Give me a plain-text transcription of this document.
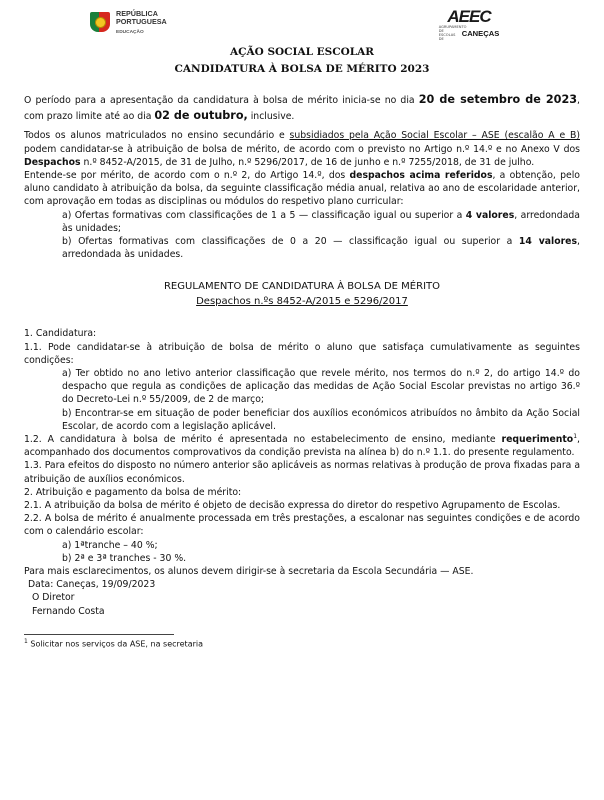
REPÚBLICA
PORTUGUESA
EDUCAÇÃO
AEEC
AGRUPAMENTO DE ESCOLAS DE
CANEÇAS
AÇÃO SOCIAL ESCOLAR
CANDIDATURA À BOLSA DE MÉRITO 2023

O período para a apresentação da candidatura à bolsa de mérito inicia-se no dia 20 de setembro de 2023, com prazo limite até ao dia 02 de outubro, inclusive.

Todos os alunos matriculados no ensino secundário e subsidiados pela Ação Social Escolar – ASE (escalão A e B) podem candidatar-se à atribuição de bolsa de mérito, de acordo com o previsto no Artigo n.º 14.º e no Anexo V dos Despachos n.º 8452-A/2015, de 31 de Julho, n.º 5296/2017, de 16 de junho e n.º 7255/2018, de 31 de julho.

Entende-se por mérito, de acordo com o n.º 2, do Artigo 14.º, dos despachos acima referidos, a obtenção, pelo aluno candidato à atribuição da bolsa, da seguinte classificação média anual, relativa ao ano de escolaridade anterior, com aprovação em todas as disciplinas ou módulos do respetivo plano curricular:

a) Ofertas formativas com classificações de 1 a 5 — classificação igual ou superior a 4 valores, arredondada às unidades;

b) Ofertas formativas com classificações de 0 a 20 — classificação igual ou superior a 14 valores, arredondada às unidades.

REGULAMENTO DE CANDIDATURA À BOLSA DE MÉRITO
Despachos n.ºs 8452-A/2015 e 5296/2017

1. Candidatura:

1.1. Pode candidatar-se à atribuição de bolsa de mérito o aluno que satisfaça cumulativamente as seguintes condições:

a) Ter obtido no ano letivo anterior classificação que revele mérito, nos termos do n.º 2, do artigo 14.º do despacho que regula as condições de aplicação das medidas de Ação Social Escolar previstas no artigo 36.º do Decreto-Lei n.º 55/2009, de 2 de março;

b) Encontrar-se em situação de poder beneficiar dos auxílios económicos atribuídos no âmbito da Ação Social Escolar, de acordo com a legislação aplicável.

1.2. A candidatura à bolsa de mérito é apresentada no estabelecimento de ensino, mediante requerimento$^1$, acompanhado dos documentos comprovativos da condição prevista na alínea b) do n.º 1.1. do presente regulamento.

1.3. Para efeitos do disposto no número anterior são aplicáveis as normas relativas à produção de prova fixadas para a atribuição de auxílios económicos.

2. Atribuição e pagamento da bolsa de mérito:

2.1. A atribuição da bolsa de mérito é objeto de decisão expressa do diretor do respetivo Agrupamento de Escolas.

2.2. A bolsa de mérito é anualmente processada em três prestações, a escalonar nas seguintes condições e de acordo com o calendário escolar:

a) 1ªtranche – 40 %;

b) 2ª e 3ª tranches - 30 %.

Para mais esclarecimentos, os alunos devem dirigir-se à secretaria da Escola Secundária — ASE.

Data: Caneças, 19/09/2023

O Diretor

Fernando Costa

$^1$ Solicitar nos serviços da ASE, na secretaria
